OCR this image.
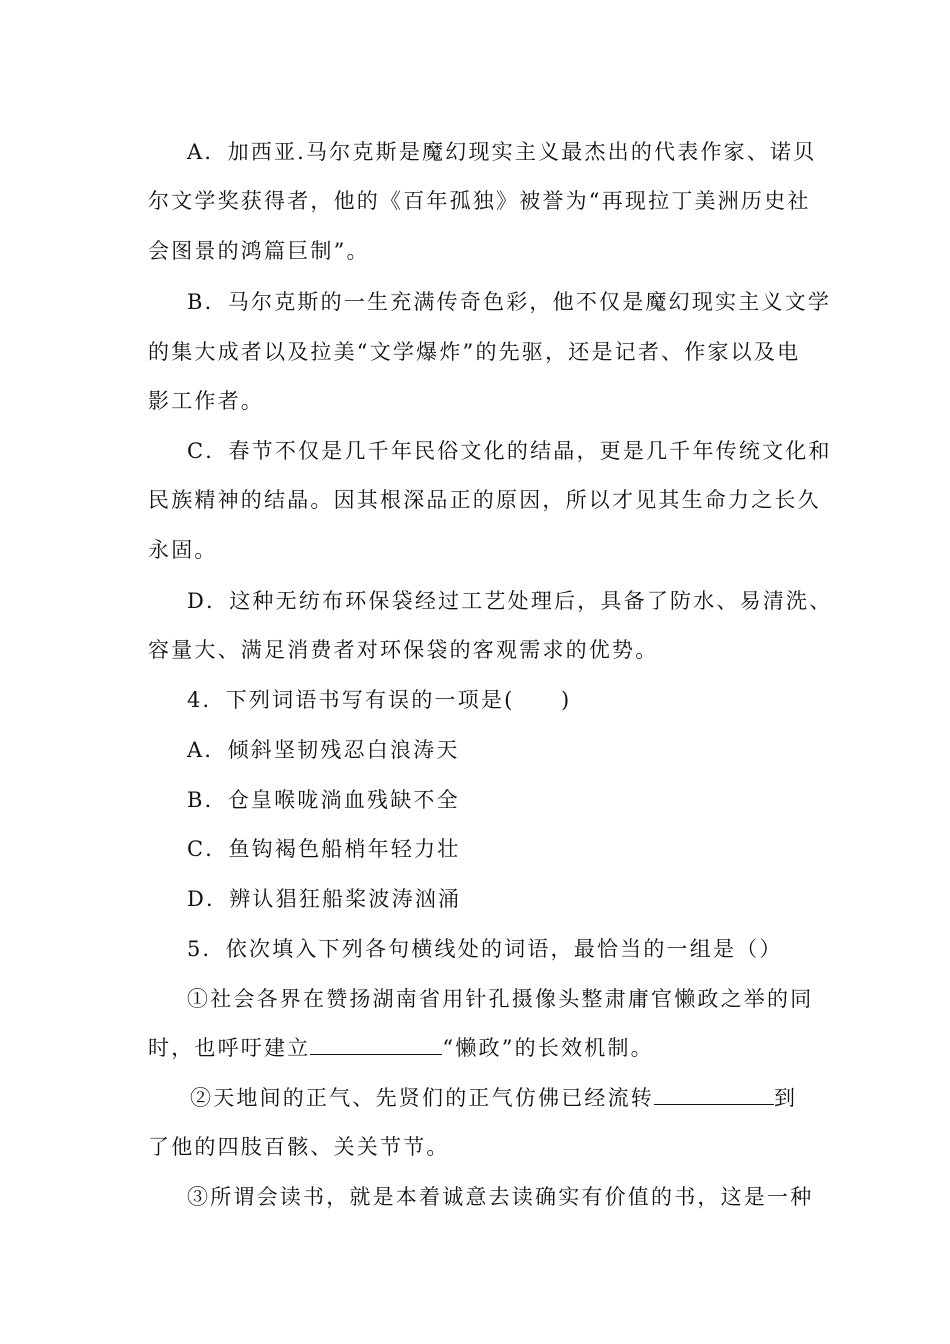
A．加西亚.马尔克斯是魔幻现实主义最杰出的代表作家、诺贝
尔文学奖获得者，他的《百年孤独》被誉为“再现拉丁美洲历史社
会图景的鸿篇巨制”。
B．马尔克斯的一生充满传奇色彩，他不仅是魔幻现实主义文学
的集大成者以及拉美“文学爆炸”的先驱，还是记者、作家以及电
影工作者。
C．春节不仅是几千年民俗文化的结晶，更是几千年传统文化和
民族精神的结晶。因其根深品正的原因，所以才见其生命力之长久
永固。
D．这种无纺布环保袋经过工艺处理后，具备了防水、易清洗、
容量大、满足消费者对环保袋的客观需求的优势。
4．下列词语书写有误的一项是(　　)
A．倾斜坚韧残忍白浪涛天
B．仓皇喉咙淌血残缺不全
C．鱼钩褐色船梢年轻力壮
D．辨认猖狂船桨波涛汹涌
5．依次填入下列各句横线处的词语，最恰当的一组是（）
①社会各界在赞扬湖南省用针孔摄像头整肃庸官懒政之举的同
时，也呼吁建立	“懒政”的长效机制。
②天地间的正气、先贤们的正气仿佛已经流转	到
了他的四肢百骸、关关节节。
③所谓会读书，就是本着诚意去读确实有价值的书，这是一种
